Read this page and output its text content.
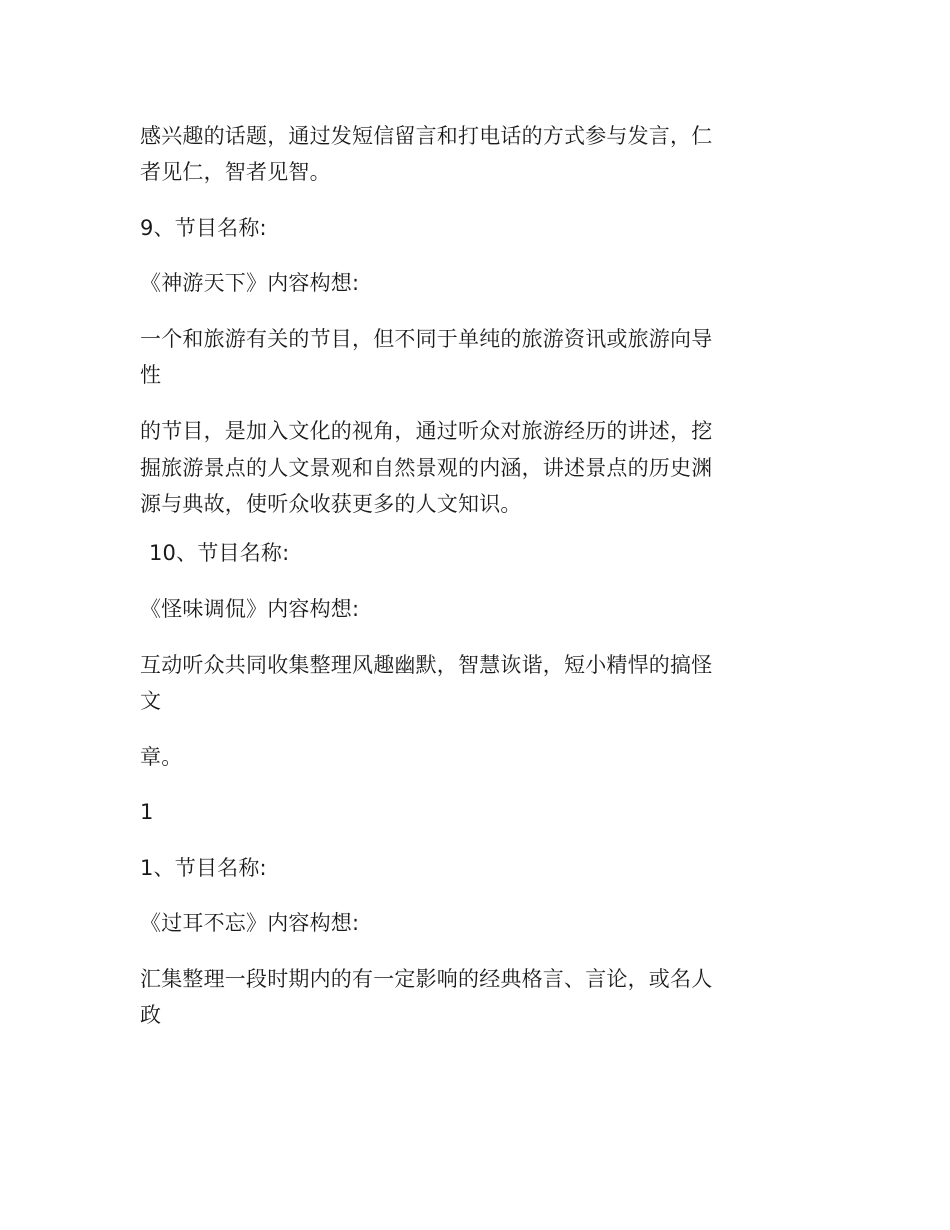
感兴趣的话题，通过发短信留言和打电话的方式参与发言，仁
者见仁，智者见智。
9、节目名称:
《神游天下》内容构想:
一个和旅游有关的节目，但不同于单纯的旅游资讯或旅游向导
性
的节目，是加入文化的视角，通过听众对旅游经历的讲述，挖
掘旅游景点的人文景观和自然景观的内涵，讲述景点的历史渊
源与典故，使听众收获更多的人文知识。
10、节目名称:
《怪味调侃》内容构想:
互动听众共同收集整理风趣幽默，智慧诙谐，短小精悍的搞怪
文
章。
1
1、节目名称:
《过耳不忘》内容构想:
汇集整理一段时期内的有一定影响的经典格言、言论，或名人
政
